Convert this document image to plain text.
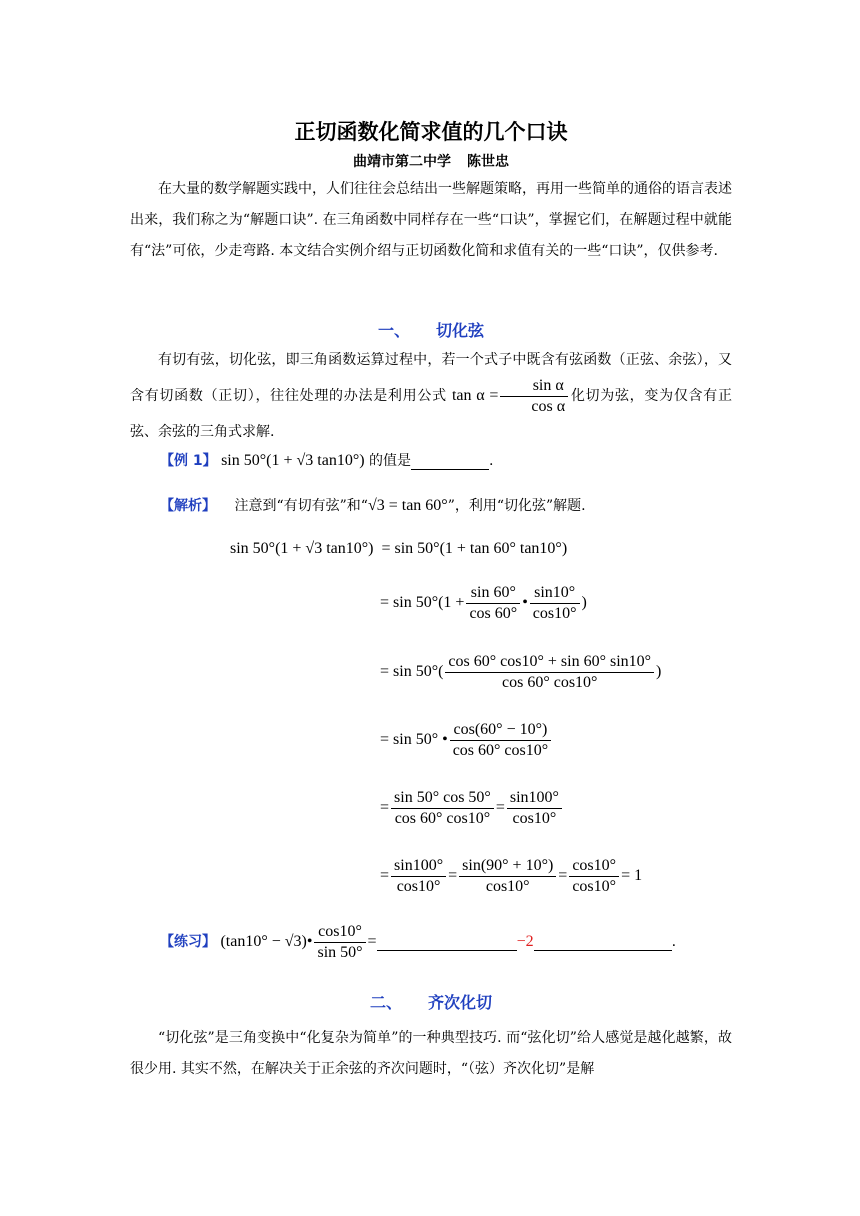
正切函数化简求值的几个口诀
曲靖市第二中学 陈世忠
在大量的数学解题实践中，人们往往会总结出一些解题策略，再用一些简单的通俗的语言表述出来，我们称之为“解题口诀”. 在三角函数中同样存在一些“口诀”，掌握它们，在解题过程中就能有“法”可依，少走弯路. 本文结合实例介绍与正切函数化简和求值有关的一些“口诀”，仅供参考.
一、 切化弦
有切有弦，切化弦，即三角函数运算过程中，若一个式子中既含有弦函数（正弦、余弦），又含有切函数（正切），往往处理的办法是利用公式 $\tan \alpha = \frac{\text{sin α}}{\text{cos α}}$ 化切为弦，变为仅含有正弦、余弦的三角式求解.
【例 1】 sin 50°(1 + √3 tan10°) 的值是	.
【解析】 注意到“有切有弦”和“√3 = tan 60°”，利用“切化弦”解题.
sin 50°(1 + √3 tan10°) = sin 50°(1 + tan 60° tan10°)
= $\sin 50^\circ(1 + \frac{\sin 60^\circ}{\cos 60^\circ}$ • $\frac{\sin 10^\circ}{\cos 10^\circ}$ )
= $\sin 50^\circ( \frac{\cos 60^\circ \cos 10^\circ + \sin 60^\circ \sin 10^\circ}{\cos 60^\circ \cos 10^\circ}$ )
= sin 50° • $\frac{\cos(60^\circ - 10^\circ)}{\cos 60^\circ \cos 10^\circ}$
= $\frac{\sin 50^\circ \cos 50^\circ}{\cos 60^\circ \cos 10^\circ} = \frac{\sin 100^\circ}{\cos 10^\circ}$
= $\frac{\sin 100^\circ}{\cos 10^\circ} = \frac{\sin(90^\circ + 10^\circ)}{\cos 10^\circ} = \frac{\cos 10^\circ}{\cos 10^\circ} = 1$
【练习】 (tan10° − √3)• $\frac{\cos 10^\circ}{\sin 50^\circ}$ =	−2	.
二、 齐次化切
“切化弦”是三角变换中“化复杂为简单”的一种典型技巧. 而“弦化切”给人感觉是越化越繁，故很少用. 其实不然，在解决关于正余弦的齐次问题时，“（弦）齐次化切”是解
